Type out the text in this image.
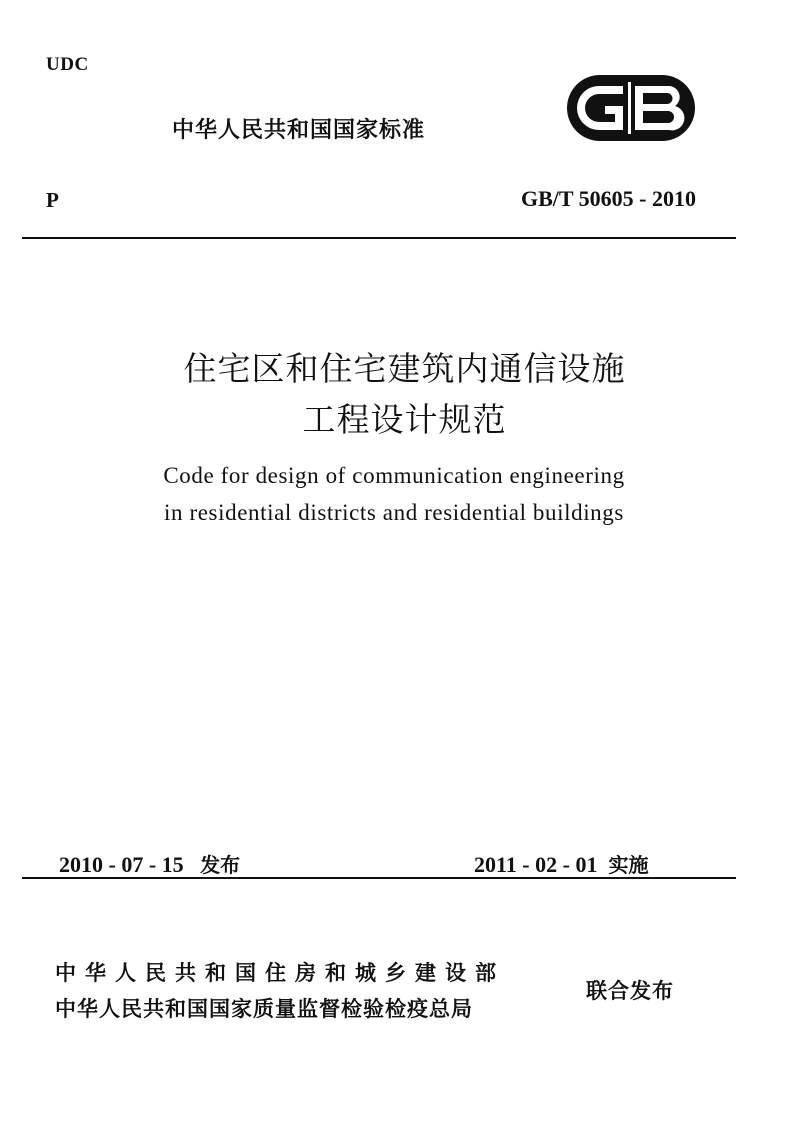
UDC
中华人民共和国国家标准
P	GB/T 50605 - 2010
住宅区和住宅建筑内通信设施
工程设计规范
Code for design of communication engineering
in residential districts and residential buildings

2010 - 07 - 15 发布	2011 - 02 - 01 实施

中华人民共和国住房和城乡建设部
中华人民共和国国家质量监督检验检疫总局
联合发布
